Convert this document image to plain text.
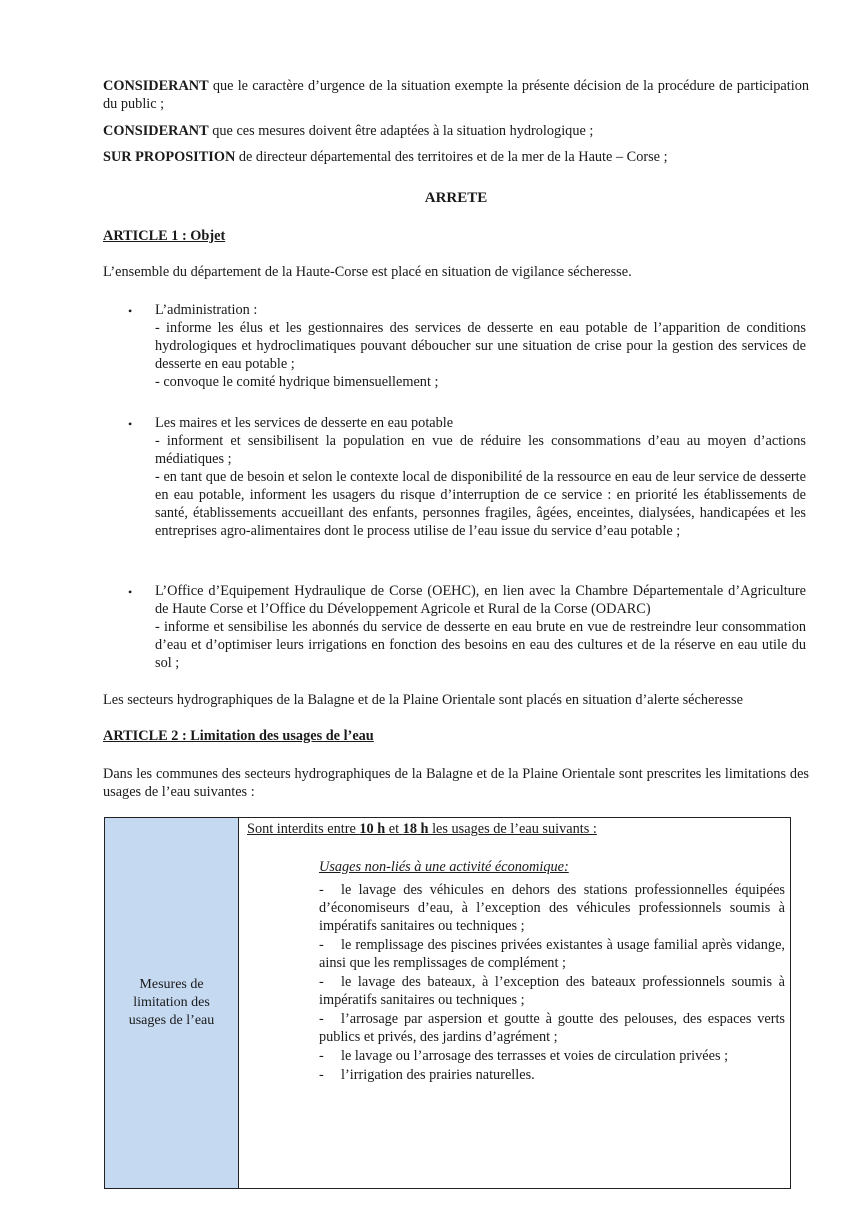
CONSIDERANT que le caractère d’urgence de la situation exempte la présente décision de la procédure de participation du public ;
CONSIDERANT que ces mesures doivent être adaptées à la situation hydrologique ;
SUR PROPOSITION de directeur départemental des territoires et de la mer de la Haute – Corse ;
ARRETE
ARTICLE 1 : Objet
L’ensemble du département de la Haute-Corse est placé en situation de vigilance sécheresse.
• L’administration :
- informe les élus et les gestionnaires des services de desserte en eau potable de l’apparition de conditions hydrologiques et hydroclimatiques pouvant déboucher sur une situation de crise pour la gestion des services de desserte en eau potable ;
- convoque le comité hydrique bimensuellement ;
• Les maires et les services de desserte en eau potable
- informent et sensibilisent la population en vue de réduire les consommations d’eau au moyen d’actions médiatiques ;
- en tant que de besoin et selon le contexte local de disponibilité de la ressource en eau de leur service de desserte en eau potable, informent les usagers du risque d’interruption de ce service : en priorité les établissements de santé, établissements accueillant des enfants, personnes fragiles, âgées, enceintes, dialysées, handicapées et les entreprises agro-alimentaires dont le process utilise de l’eau issue du service d’eau potable ;
• L’Office d’Equipement Hydraulique de Corse (OEHC), en lien avec la Chambre Départementale d’Agriculture de Haute Corse et l’Office du Développement Agricole et Rural de la Corse (ODARC)
- informe et sensibilise les abonnés du service de desserte en eau brute en vue de restreindre leur consommation d’eau et d’optimiser leurs irrigations en fonction des besoins en eau des cultures et de la réserve en eau utile du sol ;
Les secteurs hydrographiques de la Balagne et de la Plaine Orientale sont placés en situation d’alerte sécheresse
ARTICLE 2 : Limitation des usages de l’eau
Dans les communes des secteurs hydrographiques de la Balagne et de la Plaine Orientale sont prescrites les limitations des usages de l’eau suivantes :
Mesures de limitation des usages de l’eau

Sont interdits entre 10 h et 18 h les usages de l’eau suivants :
Usages non-liés à une activité économique:
- le lavage des véhicules en dehors des stations professionnelles équipées d’économiseurs d’eau, à l’exception des véhicules professionnels soumis à impératifs sanitaires ou techniques ;
- le remplissage des piscines privées existantes à usage familial après vidange, ainsi que les remplissages de complément ;
- le lavage des bateaux, à l’exception des bateaux professionnels soumis à impératifs sanitaires ou techniques ;
- l’arrosage par aspersion et goutte à goutte des pelouses, des espaces verts publics et privés, des jardins d’agrément ;
- le lavage ou l’arrosage des terrasses et voies de circulation privées ;
- l’irrigation des prairies naturelles.
